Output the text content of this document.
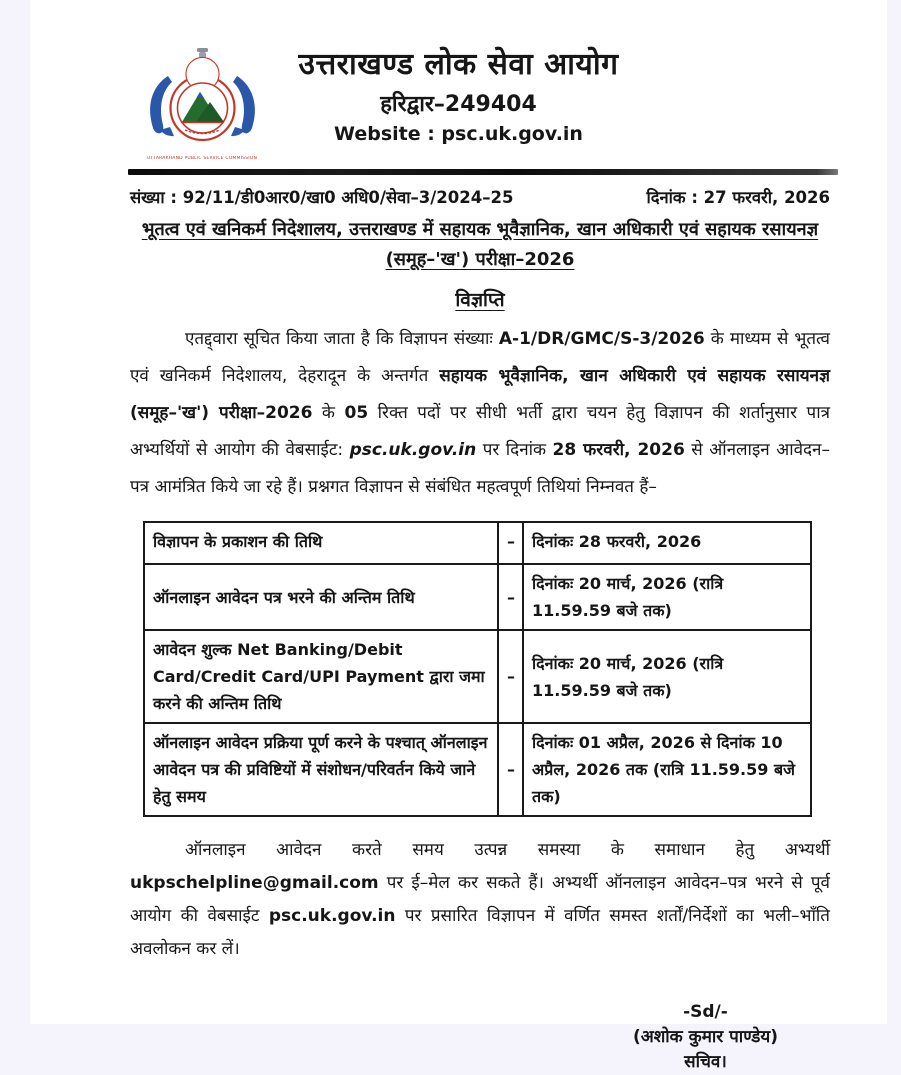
UTTARAKHAND PUBLIC SERVICE COMMISSION
उत्तराखण्ड लोक सेवा आयोग
हरिद्वार–249404
Website : psc.uk.gov.in
संख्या : 92/11/डी0आर0/खा0 अधि0/सेवा–3/2024–25	दिनांक : 27 फरवरी, 2026
भूतत्व एवं खनिकर्म निदेशालय, उत्तराखण्ड में सहायक भूवैज्ञानिक, खान अधिकारी एवं सहायक रसायनज्ञ (समूह–'ख') परीक्षा–2026
विज्ञप्ति

एतद्द्वारा सूचित किया जाता है कि विज्ञापन संख्याः A-1/DR/GMC/S-3/2026 के माध्यम से भूतत्व एवं खनिकर्म निदेशालय, देहरादून के अन्तर्गत सहायक भूवैज्ञानिक, खान अधिकारी एवं सहायक रसायनज्ञ (समूह–'ख') परीक्षा–2026 के 05 रिक्त पदों पर सीधी भर्ती द्वारा चयन हेतु विज्ञापन की शर्तानुसार पात्र अभ्यर्थियों से आयोग की वेबसाईट: psc.uk.gov.in पर दिनांक 28 फरवरी, 2026 से ऑनलाइन आवेदन–पत्र आमंत्रित किये जा रहे हैं। प्रश्नगत विज्ञापन से संबंधित महत्वपूर्ण तिथियां निम्नवत हैं–

विज्ञापन के प्रकाशन की तिथि	–	दिनांकः 28 फरवरी, 2026
ऑनलाइन आवेदन पत्र भरने की अन्तिम तिथि	–	दिनांकः 20 मार्च, 2026 (रात्रि 11.59.59 बजे तक)
आवेदन शुल्क Net Banking/Debit Card/Credit Card/UPI Payment द्वारा जमा करने की अन्तिम तिथि	–	दिनांकः 20 मार्च, 2026 (रात्रि 11.59.59 बजे तक)
ऑनलाइन आवेदन प्रक्रिया पूर्ण करने के पश्चात् ऑनलाइन आवेदन पत्र की प्रविष्टियों में संशोधन/परिवर्तन किये जाने हेतु समय	–	दिनांकः 01 अप्रैल, 2026 से दिनांक 10 अप्रैल, 2026 तक (रात्रि 11.59.59 बजे तक)

ऑनलाइन आवेदन करते समय उत्पन्न समस्या के समाधान हेतु अभ्यर्थी ukpschelpline@gmail.com पर ई–मेल कर सकते हैं। अभ्यर्थी ऑनलाइन आवेदन–पत्र भरने से पूर्व आयोग की वेबसाईट psc.uk.gov.in पर प्रसारित विज्ञापन में वर्णित समस्त शर्तों/निर्देशों का भली–भाँति अवलोकन कर लें।

-Sd/-
(अशोक कुमार पाण्डेय)
सचिव।
